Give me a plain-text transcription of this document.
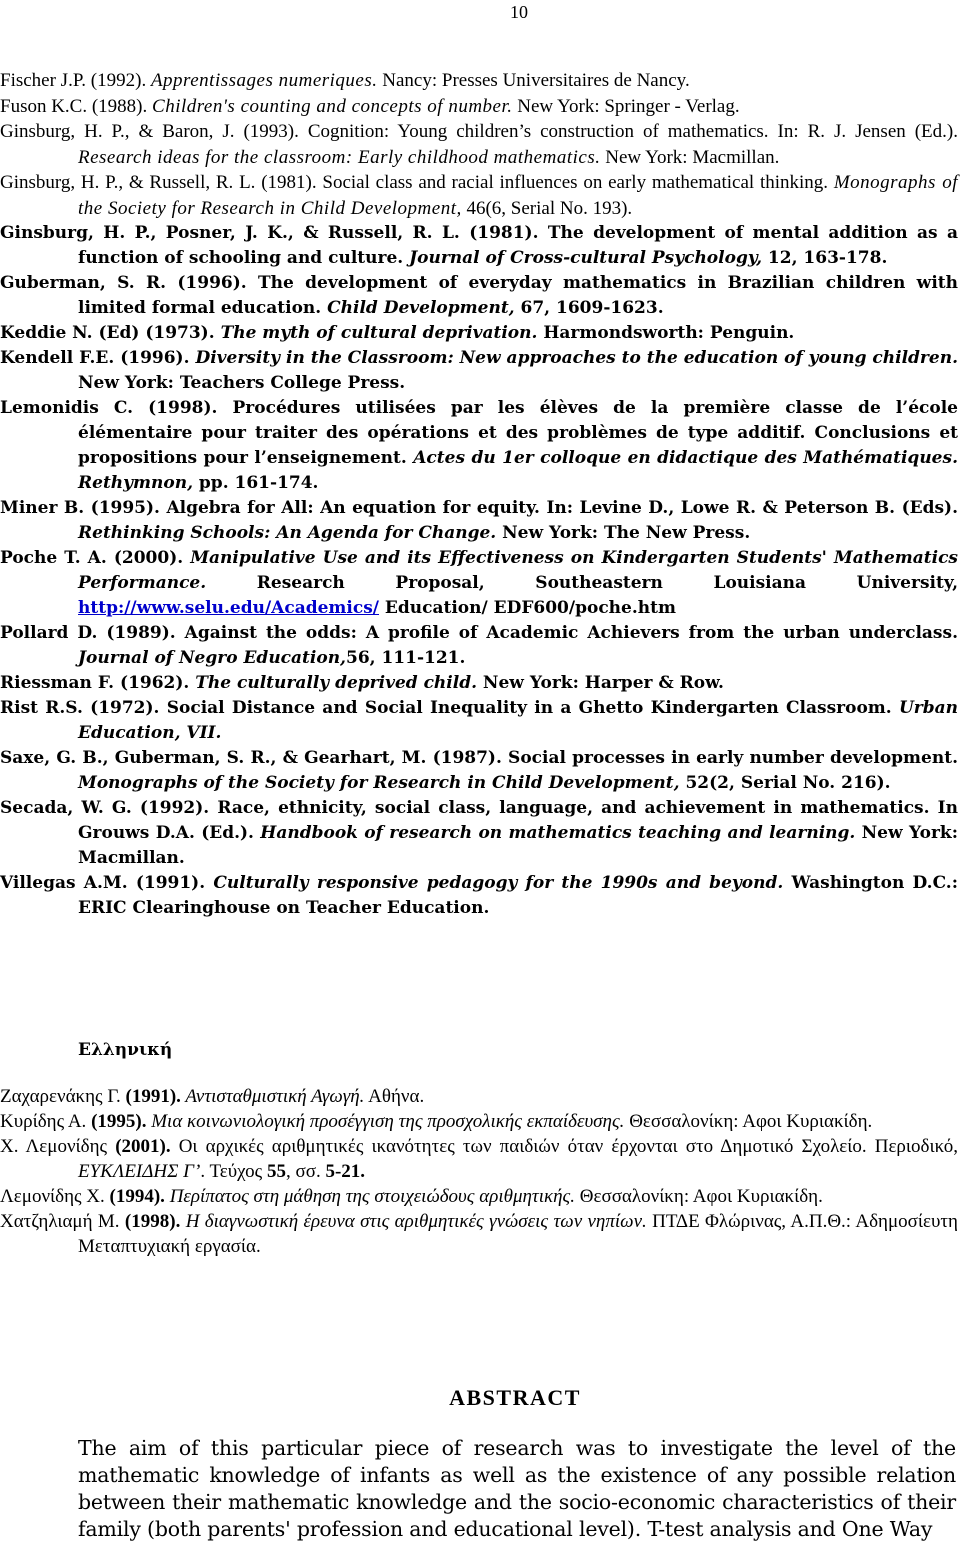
10

Fischer J.P. (1992). Apprentissages numeriques. Nancy: Presses Universitaires de Nancy.

Fuson K.C. (1988). Children's counting and concepts of number. New York: Springer - Verlag.

Ginsburg, H. P., & Baron, J. (1993). Cognition: Young children’s construction of mathematics. In: R. J. Jensen (Ed.). Research ideas for the classroom: Early childhood mathematics. New York: Macmillan.

Ginsburg, H. P., & Russell, R. L. (1981). Social class and racial influences on early mathematical thinking. Monographs of the Society for Research in Child Development, 46(6, Serial No. 193).

Ginsburg, H. P., Posner, J. K., & Russell, R. L. (1981). The development of mental addition as a function of schooling and culture. Journal of Cross-cultural Psychology, 12, 163-178.

Guberman, S. R. (1996). The development of everyday mathematics in Brazilian children with limited formal education. Child Development, 67, 1609-1623.

Keddie N. (Ed) (1973). The myth of cultural deprivation. Harmondsworth: Penguin.

Kendell F.E. (1996). Diversity in the Classroom: New approaches to the education of young children. New York: Teachers College Press.

Lemonidis C. (1998). Procédures utilisées par les élèves de la première classe de l’école élémentaire pour traiter des opérations et des problèmes de type additif. Conclusions et propositions pour l’enseignement. Actes du 1er colloque en didactique des Mathématiques. Rethymnon, pp. 161-174.

Miner B. (1995). Algebra for All: An equation for equity. In: Levine D., Lowe R. & Peterson B. (Eds). Rethinking Schools: An Agenda for Change. New York: The New Press.

Poche T. A. (2000). Manipulative Use and its Effectiveness on Kindergarten Students' Mathematics Performance. Research Proposal, Southeastern Louisiana University, http://www.selu.edu/Academics/ Education/ EDF600/poche.htm

Pollard D. (1989). Against the odds: A profile of Academic Achievers from the urban underclass. Journal of Negro Education,56, 111-121.

Riessman F. (1962). The culturally deprived child. New York: Harper & Row.

Rist R.S. (1972). Social Distance and Social Inequality in a Ghetto Kindergarten Classroom. Urban Education, VII.

Saxe, G. B., Guberman, S. R., & Gearhart, M. (1987). Social processes in early number development. Monographs of the Society for Research in Child Development, 52(2, Serial No. 216).

Secada, W. G. (1992). Race, ethnicity, social class, language, and achievement in mathematics. In Grouws D.A. (Ed.). Handbook of research on mathematics teaching and learning. New York: Macmillan.

Villegas A.M. (1991). Culturally responsive pedagogy for the 1990s and beyond. Washington D.C.: ERIC Clearinghouse on Teacher Education.

Ελληνική

Ζαχαρενάκης Γ. (1991). Αντισταθμιστική Αγωγή. Αθήνα.

Κυρίδης Α. (1995). Μια κοινωνιολογική προσέγγιση της προσχολικής εκπαίδευσης. Θεσσαλονίκη: Αφοι Κυριακίδη.

Χ. Λεμονίδης (2001). Οι αρχικές αριθμητικές ικανότητες των παιδιών όταν έρχονται στο Δημοτικό Σχολείο. Περιοδικό, ΕΥΚΛΕΙΔΗΣ Γ’. Τεύχος 55, σσ. 5-21.

Λεμονίδης Χ. (1994). Περίπατος στη μάθηση της στοιχειώδους αριθμητικής. Θεσσαλονίκη: Αφοι Κυριακίδη.

Χατζηλιαμή Μ. (1998). Η διαγνωστική έρευνα στις αριθμητικές γνώσεις των νηπίων. ΠΤΔΕ Φλώρινας, Α.Π.Θ.: Αδημοσίευτη Μεταπτυχιακή εργασία.

ABSTRACT
The aim of this particular piece of research was to investigate the level of the mathematic knowledge of infants as well as the existence of any possible relation between their mathematic knowledge and the socio-economic characteristics of their family (both parents' profession and educational level). T-test analysis and One Way
